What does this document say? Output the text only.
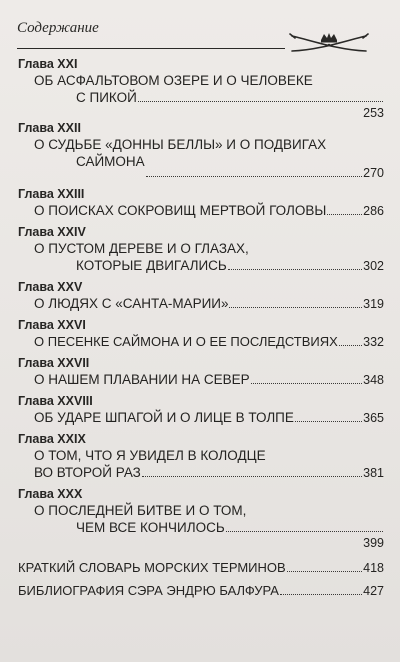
Содержание
Глава XXI
ОБ АСФАЛЬТОВОМ ОЗЕРЕ И О ЧЕЛОВЕКЕ
С ПИКОЙ
253
Глава XXII
О СУДЬБЕ «ДОННЫ БЕЛЛЫ» И О ПОДВИГАХ
САЙМОНА
270
Глава XXIII
О ПОИСКАХ СОКРОВИЩ МЕРТВОЙ ГОЛОВЫ	286
Глава XXIV
О ПУСТОМ ДЕРЕВЕ И О ГЛАЗАХ,
КОТОРЫЕ ДВИГАЛИСЬ	302
Глава XXV
О ЛЮДЯХ С «САНТА-МАРИИ»	319
Глава XXVI
О ПЕСЕНКЕ САЙМОНА И О ЕЕ ПОСЛЕДСТВИЯХ 332
Глава XXVII
О НАШЕМ ПЛАВАНИИ НА СЕВЕР	348
Глава XXVIII
ОБ УДАРЕ ШПАГОЙ И О ЛИЦЕ В ТОЛПЕ	365
Глава XXIX
О ТОМ, ЧТО Я УВИДЕЛ В КОЛОДЦЕ
ВО ВТОРОЙ РАЗ	381
Глава XXX
О ПОСЛЕДНЕЙ БИТВЕ И О ТОМ,
ЧЕМ ВСЕ КОНЧИЛОСЬ
399
КРАТКИЙ СЛОВАРЬ МОРСКИХ ТЕРМИНОВ	418
БИБЛИОГРАФИЯ СЭРА ЭНДРЮ БАЛФУРА	427
